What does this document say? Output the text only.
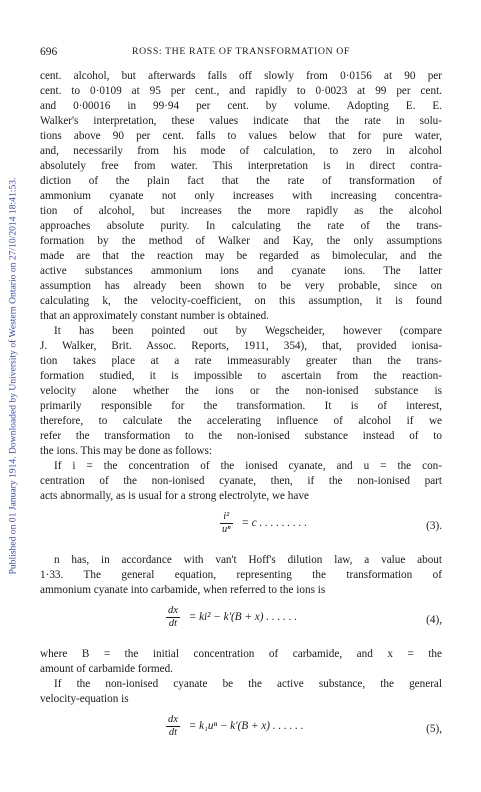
Published on 01 January 1914. Downloaded by University of Western Ontario on 27/10/2014 18:41:53.
696	ROSS: THE RATE OF TRANSFORMATION OF
cent. alcohol, but afterwards falls off slowly from 0·0156 at 90 per
cent. to 0·0109 at 95 per cent., and rapidly to 0·0023 at 99 per cent.
and 0·00016 in 99·94 per cent. by volume. Adopting E. E.
Walker's interpretation, these values indicate that the rate in solu-
tions above 90 per cent. falls to values below that for pure water,
and, necessarily from his mode of calculation, to zero in alcohol
absolutely free from water. This interpretation is in direct contra-
diction of the plain fact that the rate of transformation of
ammonium cyanate not only increases with increasing concentra-
tion of alcohol, but increases the more rapidly as the alcohol
approaches absolute purity. In calculating the rate of the trans-
formation by the method of Walker and Kay, the only assumptions
made are that the reaction may be regarded as bimolecular, and the
active substances ammonium ions and cyanate ions. The latter
assumption has already been shown to be very probable, since on
calculating k, the velocity-coefficient, on this assumption, it is found
that an approximately constant number is obtained.
It has been pointed out by Wegscheider, however (compare
J. Walker, Brit. Assoc. Reports, 1911, 354), that, provided ionisa-
tion takes place at a rate immeasurably greater than the trans-
formation studied, it is impossible to ascertain from the reaction-
velocity alone whether the ions or the non-ionised substance is
primarily responsible for the transformation. It is of interest,
therefore, to calculate the accelerating influence of alcohol if we
refer the transformation to the non-ionised substance instead of to
the ions. This may be done as follows:
If i = the concentration of the ionised cyanate, and u = the con-
centration of the non-ionised cyanate, then, if the non-ionised part
acts abnormally, as is usual for a strong electrolyte, we have
$\frac{\text{i²}}{\text{uⁿ}} = c$ . . . . . . . . .	(3).
n has, in accordance with van't Hoff's dilution law, a value about
1·33. The general equation, representing the transformation of
ammonium cyanate into carbamide, when referred to the ions is
$\frac{dx}{dt} = ki^2 - k'(B + x)$ . . . . . .	(4),
where B = the initial concentration of carbamide, and x = the
amount of carbamide formed.
If the non-ionised cyanate be the active substance, the general
velocity-equation is
$\frac{dx}{dt} = k_1u^n - k'(B + x)$ . . . . . .	(5),
